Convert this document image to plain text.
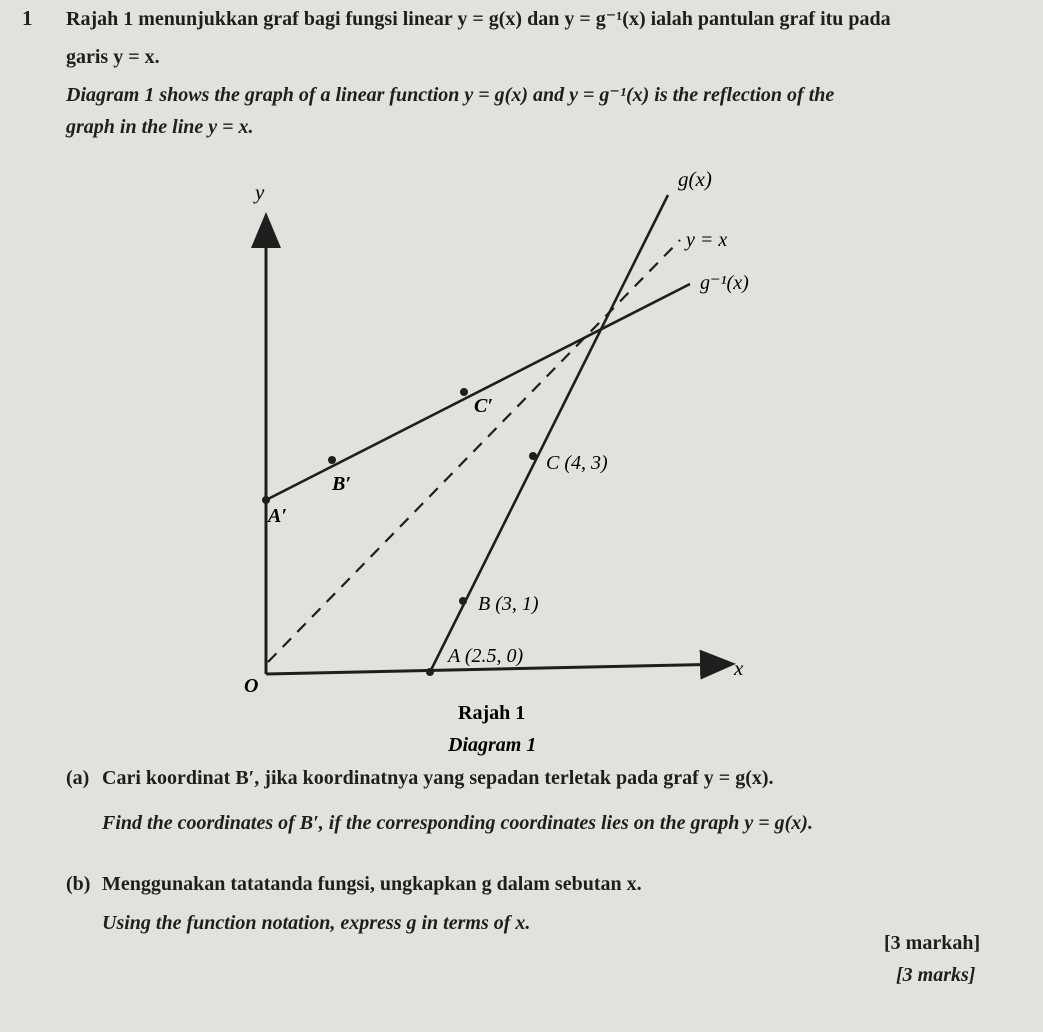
1 Rajah 1 menunjukkan graf bagi fungsi linear y = g(x) dan y = g⁻¹(x) ialah pantulan graf itu pada
garis y = x.
Diagram 1 shows the graph of a linear function y = g(x) and y = g⁻¹(x) is the reflection of the
graph in the line y = x.
y
x
O
g(x)
y = x
g⁻¹(x)
C (4, 3)
B (3, 1)
A (2.5, 0)
C′
B′
A′
Rajah 1
Diagram 1
(a) Cari koordinat B′, jika koordinatnya yang sepadan terletak pada graf y = g(x).
Find the coordinates of B′, if the corresponding coordinates lies on the graph y = g(x).
(b) Menggunakan tatatanda fungsi, ungkapkan g dalam sebutan x.
Using the function notation, express g in terms of x.
[3 markah]
[3 marks]
